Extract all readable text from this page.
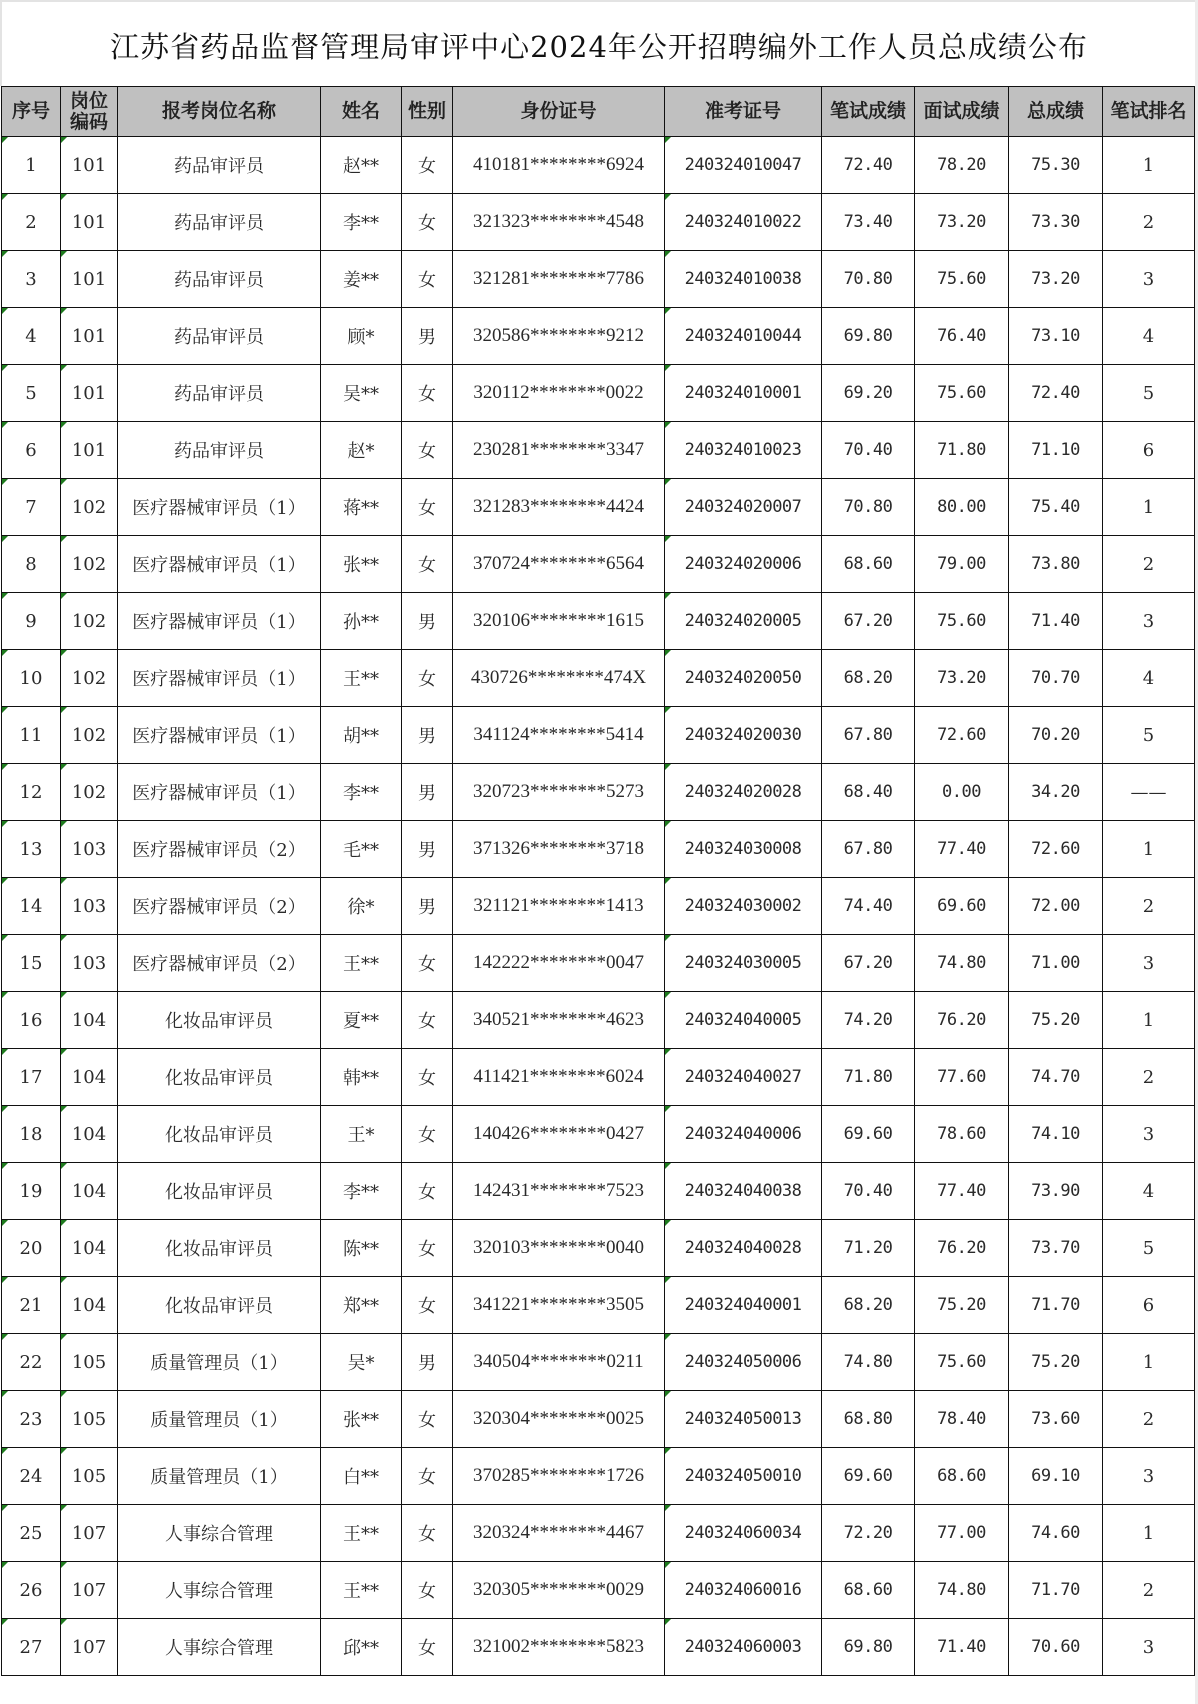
江苏省药品监督管理局审评中心2024年公开招聘编外工作人员总成绩公布
序号	岗位编码	报考岗位名称	姓名	性别	身份证号	准考证号	笔试成绩	面试成绩	总成绩	笔试排名
1	101	药品审评员	赵**	女	410181********6924	240324010047	72.40	78.20	75.30	1
2	101	药品审评员	李**	女	321323********4548	240324010022	73.40	73.20	73.30	2
3	101	药品审评员	姜**	女	321281********7786	240324010038	70.80	75.60	73.20	3
4	101	药品审评员	顾*	男	320586********9212	240324010044	69.80	76.40	73.10	4
5	101	药品审评员	吴**	女	320112********0022	240324010001	69.20	75.60	72.40	5
6	101	药品审评员	赵*	女	230281********3347	240324010023	70.40	71.80	71.10	6
7	102	医疗器械审评员（1）	蒋**	女	321283********4424	240324020007	70.80	80.00	75.40	1
8	102	医疗器械审评员（1）	张**	女	370724********6564	240324020006	68.60	79.00	73.80	2
9	102	医疗器械审评员（1）	孙**	男	320106********1615	240324020005	67.20	75.60	71.40	3
10	102	医疗器械审评员（1）	王**	女	430726********474X	240324020050	68.20	73.20	70.70	4
11	102	医疗器械审评员（1）	胡**	男	341124********5414	240324020030	67.80	72.60	70.20	5
12	102	医疗器械审评员（1）	李**	男	320723********5273	240324020028	68.40	0.00	34.20	——
13	103	医疗器械审评员（2）	毛**	男	371326********3718	240324030008	67.80	77.40	72.60	1
14	103	医疗器械审评员（2）	徐*	男	321121********1413	240324030002	74.40	69.60	72.00	2
15	103	医疗器械审评员（2）	王**	女	142222********0047	240324030005	67.20	74.80	71.00	3
16	104	化妆品审评员	夏**	女	340521********4623	240324040005	74.20	76.20	75.20	1
17	104	化妆品审评员	韩**	女	411421********6024	240324040027	71.80	77.60	74.70	2
18	104	化妆品审评员	王*	女	140426********0427	240324040006	69.60	78.60	74.10	3
19	104	化妆品审评员	李**	女	142431********7523	240324040038	70.40	77.40	73.90	4
20	104	化妆品审评员	陈**	女	320103********0040	240324040028	71.20	76.20	73.70	5
21	104	化妆品审评员	郑**	女	341221********3505	240324040001	68.20	75.20	71.70	6
22	105	质量管理员（1）	吴*	男	340504********0211	240324050006	74.80	75.60	75.20	1
23	105	质量管理员（1）	张**	女	320304********0025	240324050013	68.80	78.40	73.60	2
24	105	质量管理员（1）	白**	女	370285********1726	240324050010	69.60	68.60	69.10	3
25	107	人事综合管理	王**	女	320324********4467	240324060034	72.20	77.00	74.60	1
26	107	人事综合管理	王**	女	320305********0029	240324060016	68.60	74.80	71.70	2
27	107	人事综合管理	邱**	女	321002********5823	240324060003	69.80	71.40	70.60	3
